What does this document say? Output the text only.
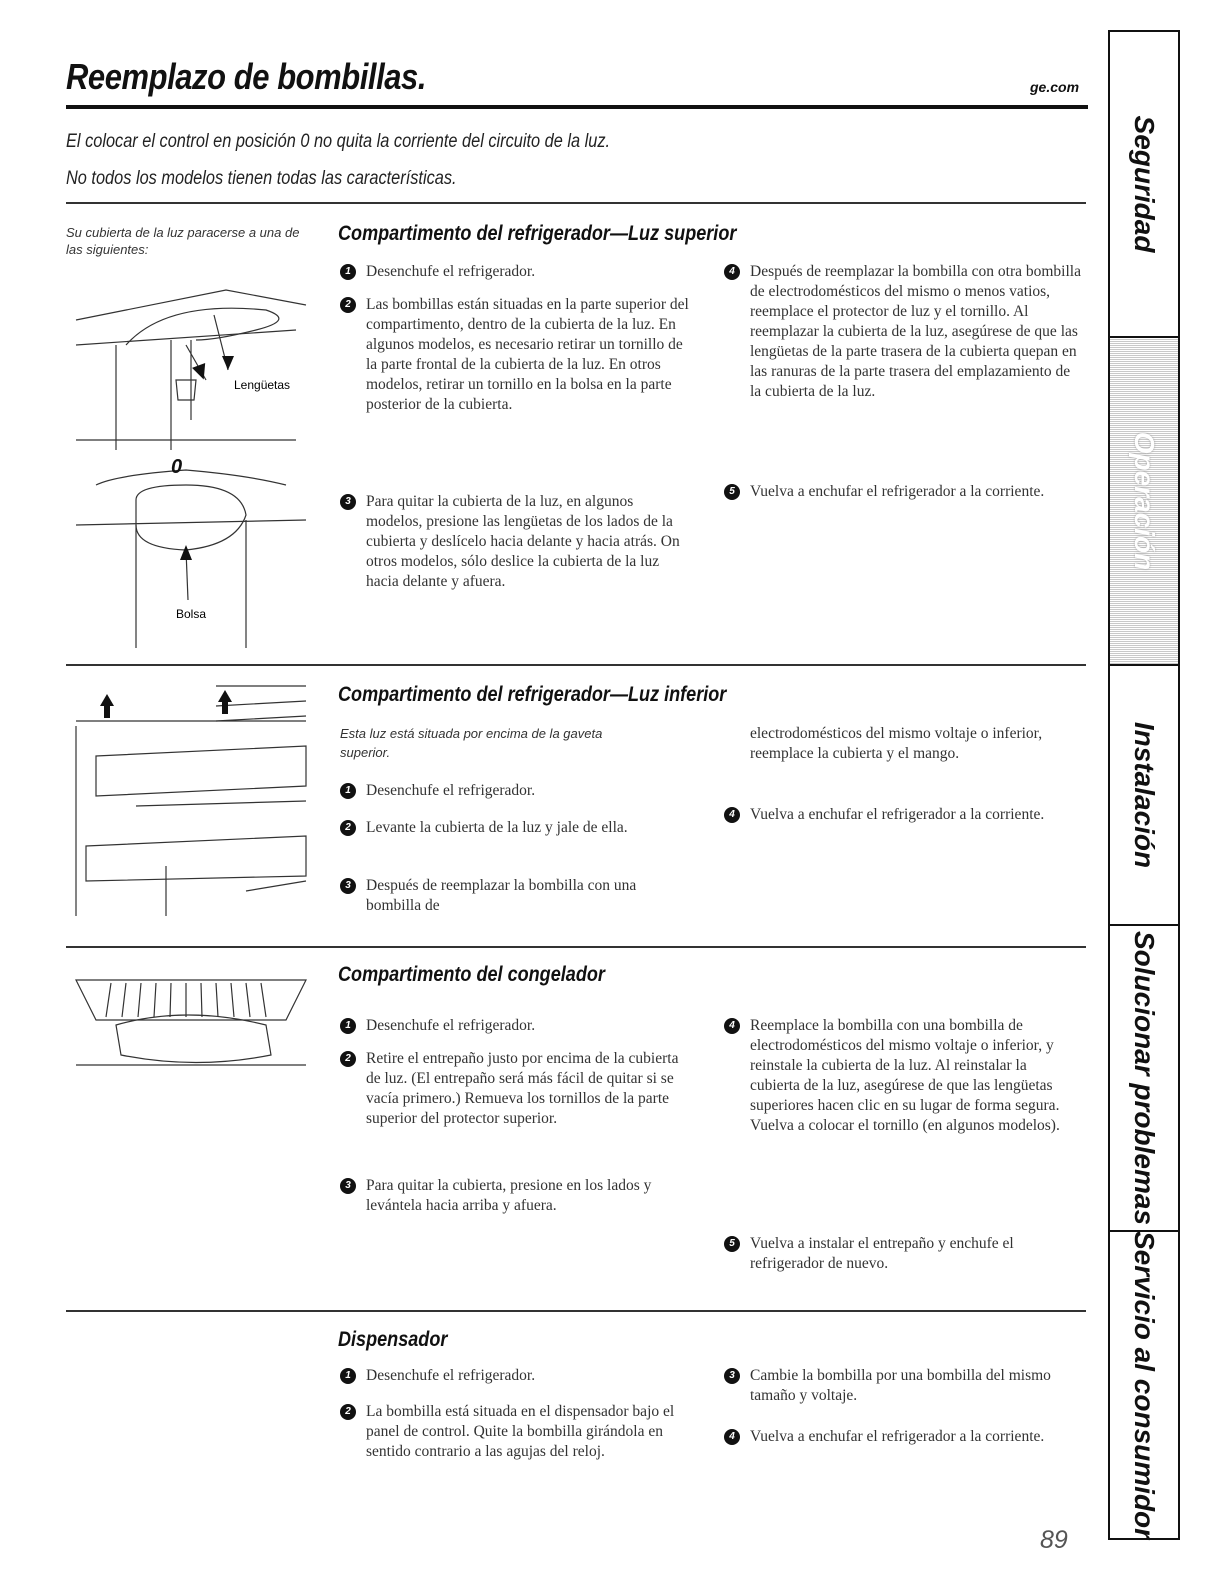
Reemplazo de bombillas.	ge.com
El colocar el control en posición 0 no quita la corriente del circuito de la luz.
No todos los modelos tienen todas las características.
Su cubierta de la luz paracerse a una de las siguientes:
Lengüetas
0
Bolsa
Compartimento del refrigerador—Luz superior
1 Desenchufe el refrigerador.
2 Las bombillas están situadas en la parte superior del compartimento, dentro de la cubierta de la luz. En algunos modelos, es necesario retirar un tornillo de la parte frontal de la cubierta de la luz. En otros modelos, retirar un tornillo en la bolsa en la parte posterior de la cubierta.
3 Para quitar la cubierta de la luz, en algunos modelos, presione las lengüetas de los lados de la cubierta y deslícelo hacia delante y hacia atrás. On otros modelos, sólo deslice la cubierta de la luz hacia delante y afuera.
4 Después de reemplazar la bombilla con otra bombilla de electrodomésticos del mismo o menos vatios, reemplace el protector de luz y el tornillo. Al reemplazar la cubierta de la luz, asegúrese de que las lengüetas de la parte trasera de la cubierta quepan en las ranuras de la parte trasera del emplazamiento de la cubierta de la luz.
5 Vuelva a enchufar el refrigerador a la corriente.
Compartimento del refrigerador—Luz inferior
Esta luz está situada por encima de la gaveta superior.
1 Desenchufe el refrigerador.
2 Levante la cubierta de la luz y jale de ella.
3 Después de reemplazar la bombilla con una bombilla de
electrodomésticos del mismo voltaje o inferior, reemplace la cubierta y el mango.
4 Vuelva a enchufar el refrigerador a la corriente.
Compartimento del congelador
1 Desenchufe el refrigerador.
2 Retire el entrepaño justo por encima de la cubierta de luz. (El entrepaño será más fácil de quitar si se vacía primero.) Remueva los tornillos de la parte superior del protector superior.
3 Para quitar la cubierta, presione en los lados y levántela hacia arriba y afuera.
4 Reemplace la bombilla con una bombilla de electrodomésticos del mismo voltaje o inferior, y reinstale la cubierta de la luz. Al reinstalar la cubierta de la luz, asegúrese de que las lengüetas superiores hacen clic en su lugar de forma segura. Vuelva a colocar el tornillo (en algunos modelos).
5 Vuelva a instalar el entrepaño y enchufe el refrigerador de nuevo.
Dispensador
1 Desenchufe el refrigerador.
2 La bombilla está situada en el dispensador bajo el panel de control. Quite la bombilla girándola en sentido contrario a las agujas del reloj.
3 Cambie la bombilla por una bombilla del mismo tamaño y voltaje.
4 Vuelva a enchufar el refrigerador a la corriente.
89
Seguridad
Operación
Instalación
Solucionar problemas
Servicio al consumidor
